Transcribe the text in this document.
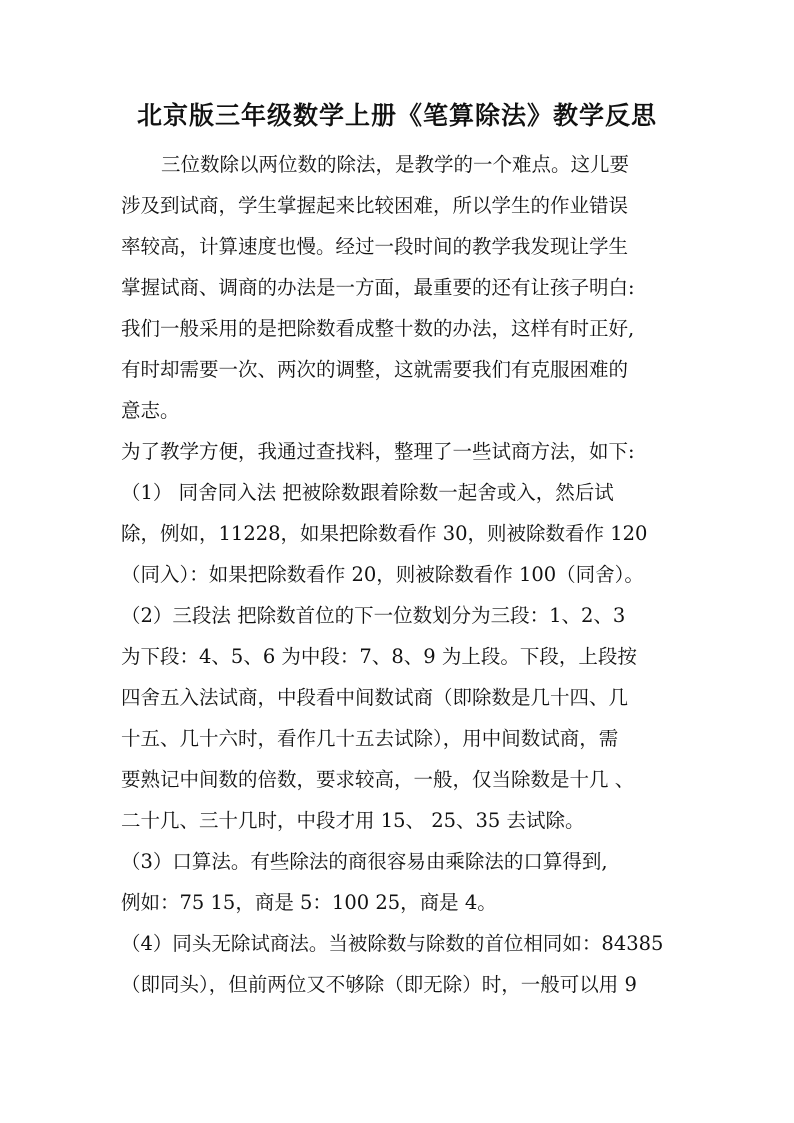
北京版三年级数学上册《笔算除法》教学反思
三位数除以两位数的除法，是教学的一个难点。这儿要
涉及到试商，学生掌握起来比较困难，所以学生的作业错误
率较高，计算速度也慢。经过一段时间的教学我发现让学生
掌握试商、调商的办法是一方面，最重要的还有让孩子明白:
我们一般采用的是把除数看成整十数的办法，这样有时正好,
有时却需要一次、两次的调整，这就需要我们有克服困难的
意志。
为了教学方便，我通过查找料，整理了一些试商方法，如下:
（1） 同舍同入法 把被除数跟着除数一起舍或入，然后试
除，例如，11228，如果把除数看作 30，则被除数看作 120
（同入）：如果把除数看作 20，则被除数看作 100（同舍）。
（2）三段法 把除数首位的下一位数划分为三段：1、2、3
为下段：4、5、6 为中段：7、8、9 为上段。下段，上段按
四舍五入法试商，中段看中间数试商（即除数是几十四、几
十五、几十六时，看作几十五去试除），用中间数试商，需
要熟记中间数的倍数，要求较高，一般，仅当除数是十几 、
二十几、三十几时，中段才用 15、 25、35 去试除。
（3）口算法。有些除法的商很容易由乘除法的口算得到,
例如：75 15，商是 5：100 25，商是 4。
（4）同头无除试商法。当被除数与除数的首位相同如：84385
（即同头），但前两位又不够除（即无除）时，一般可以用 9
